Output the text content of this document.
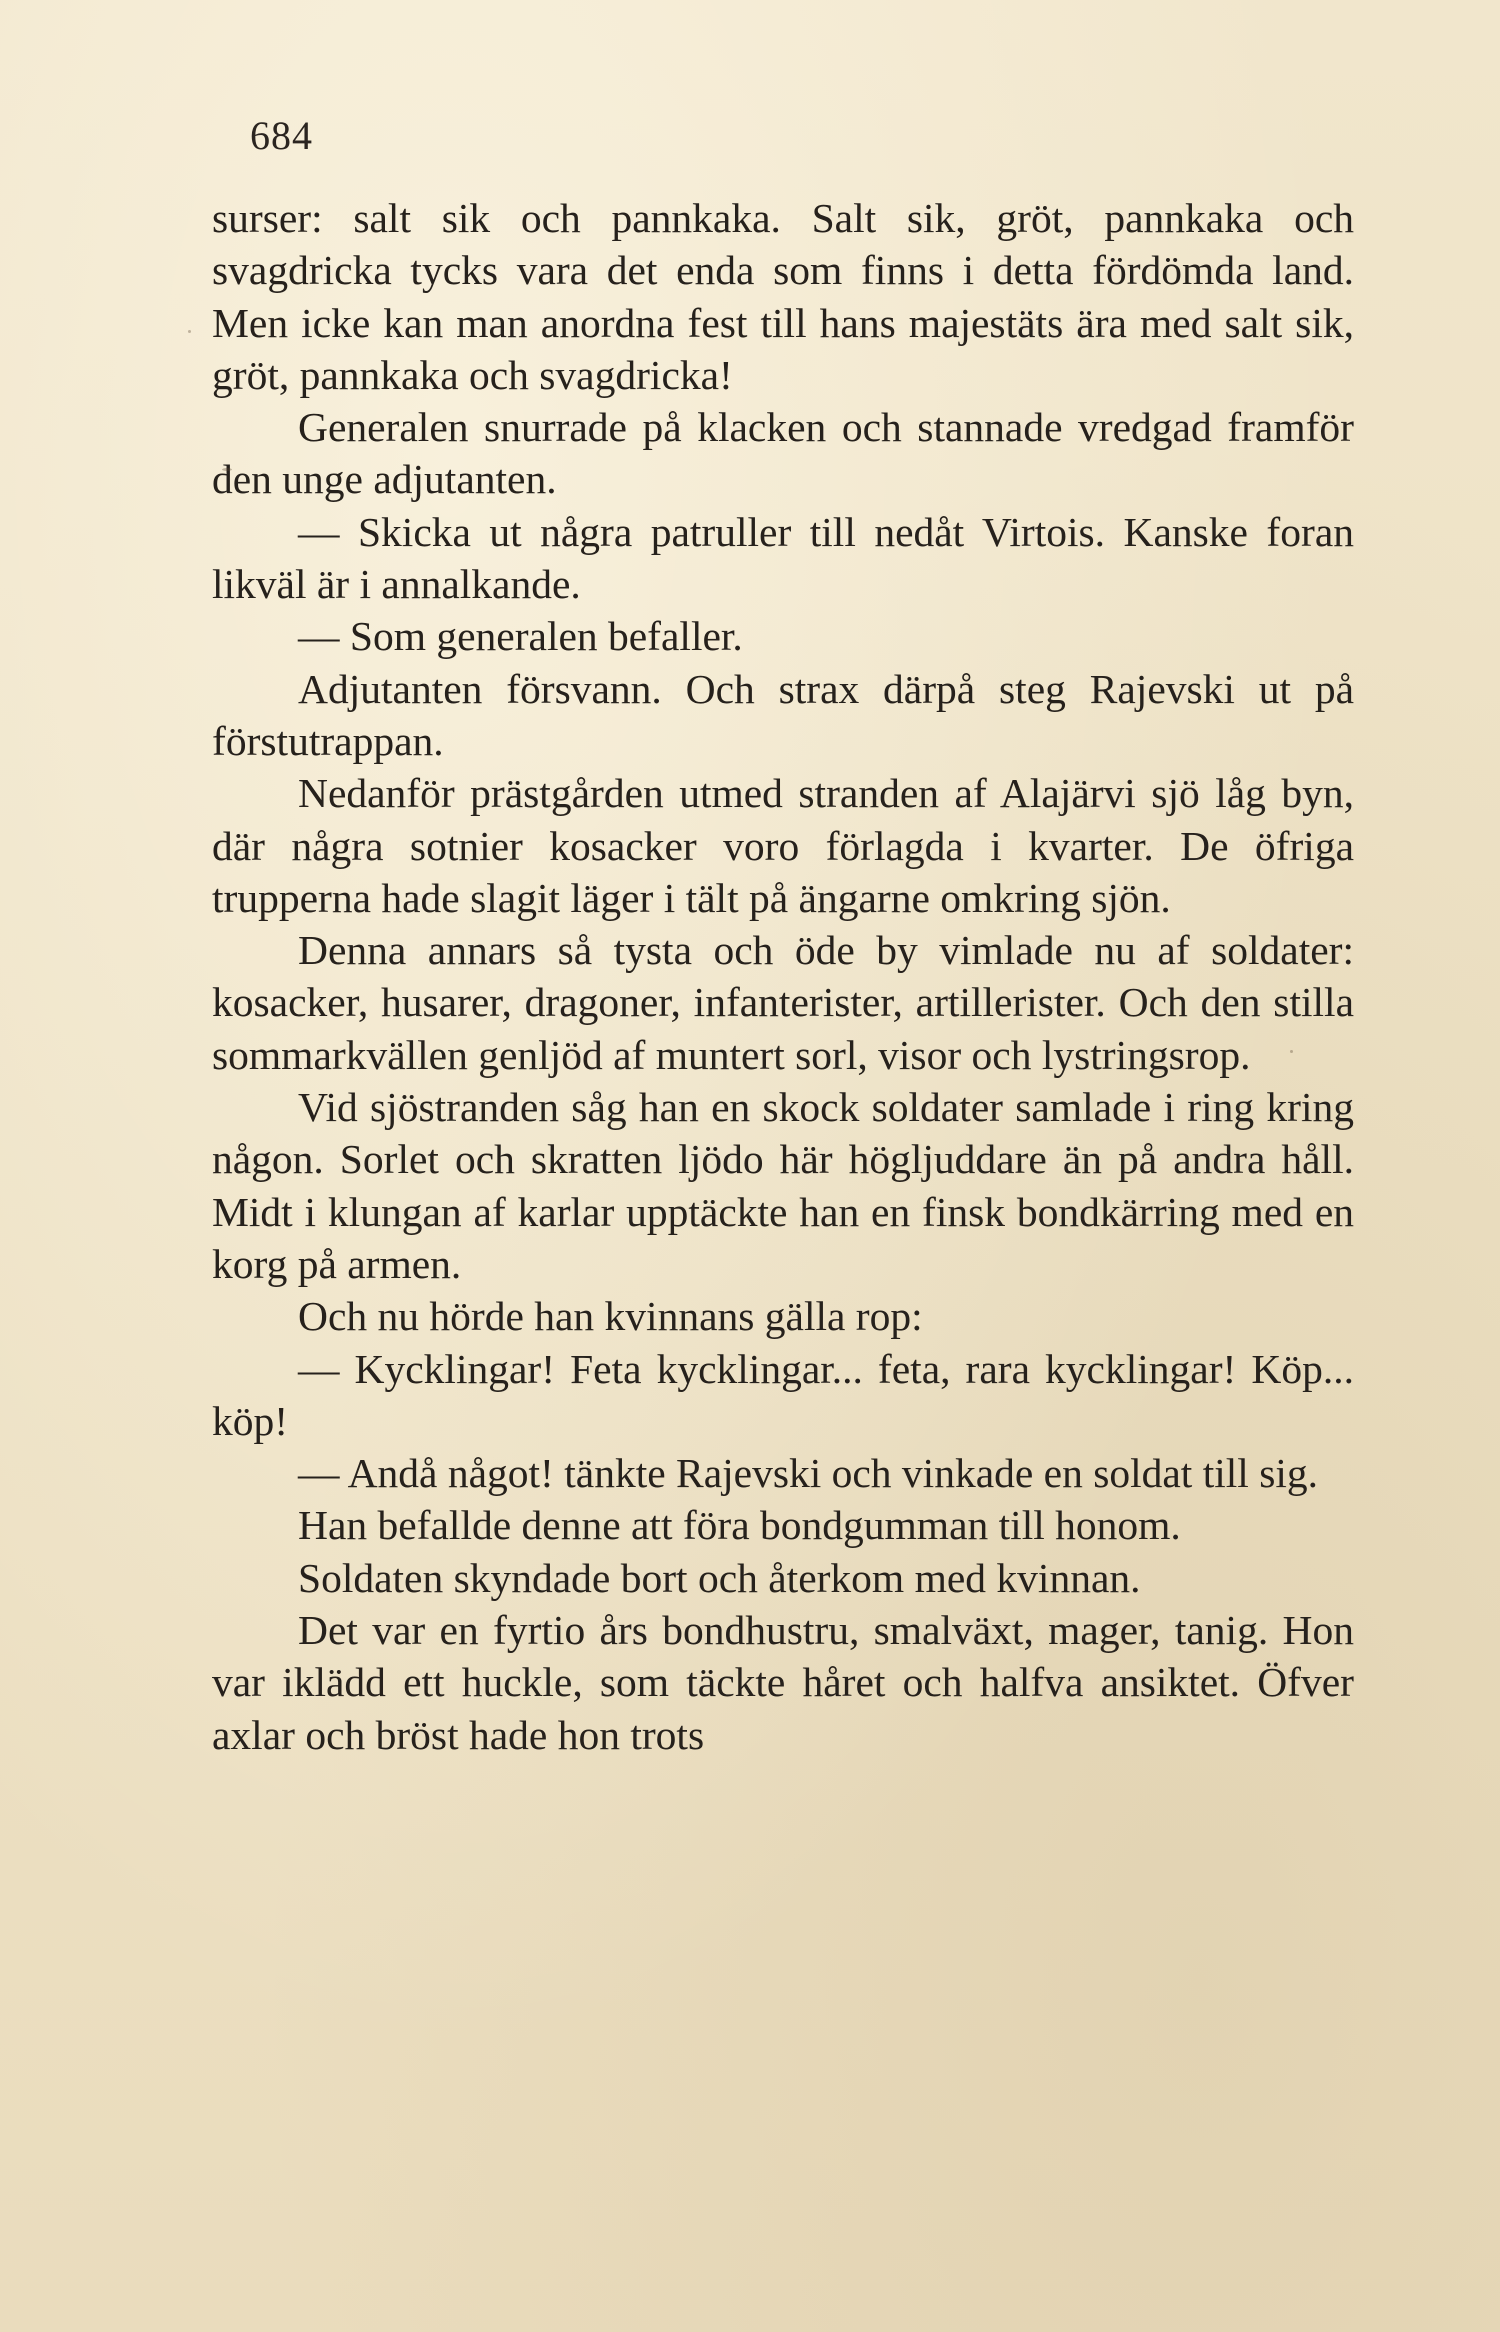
684

surser: salt sik och pannkaka. Salt sik, gröt, pannkaka och svagdricka tycks vara det enda som finns i detta fördömda land. Men icke kan man anordna fest till hans majestäts ära med salt sik, gröt, pannkaka och svagdricka!

Generalen snurrade på klacken och stannade vredgad framför den unge adjutanten.

— Skicka ut några patruller till nedåt Virtois. Kanske foran likväl är i annalkande.

— Som generalen befaller.

Adjutanten försvann. Och strax därpå steg Rajevski ut på förstutrappan.

Nedanför prästgården utmed stranden af Alajärvi sjö låg byn, där några sotnier kosacker voro förlagda i kvarter. De öfriga trupperna hade slagit läger i tält på ängarne omkring sjön.

Denna annars så tysta och öde by vimlade nu af soldater: kosacker, husarer, dragoner, infanterister, artillerister. Och den stilla sommarkvällen genljöd af muntert sorl, visor och lystringsrop.

Vid sjöstranden såg han en skock soldater samlade i ring kring någon. Sorlet och skratten ljödo här högljuddare än på andra håll. Midt i klungan af karlar upptäckte han en finsk bondkärring med en korg på armen.

Och nu hörde han kvinnans gälla rop:

— Kycklingar! Feta kycklingar... feta, rara kycklingar! Köp... köp!

— Andå något! tänkte Rajevski och vinkade en soldat till sig.

Han befallde denne att föra bondgumman till honom.

Soldaten skyndade bort och återkom med kvinnan.

Det var en fyrtio års bondhustru, smalväxt, mager, tanig. Hon var iklädd ett huckle, som täckte håret och halfva ansiktet. Öfver axlar och bröst hade hon trots
